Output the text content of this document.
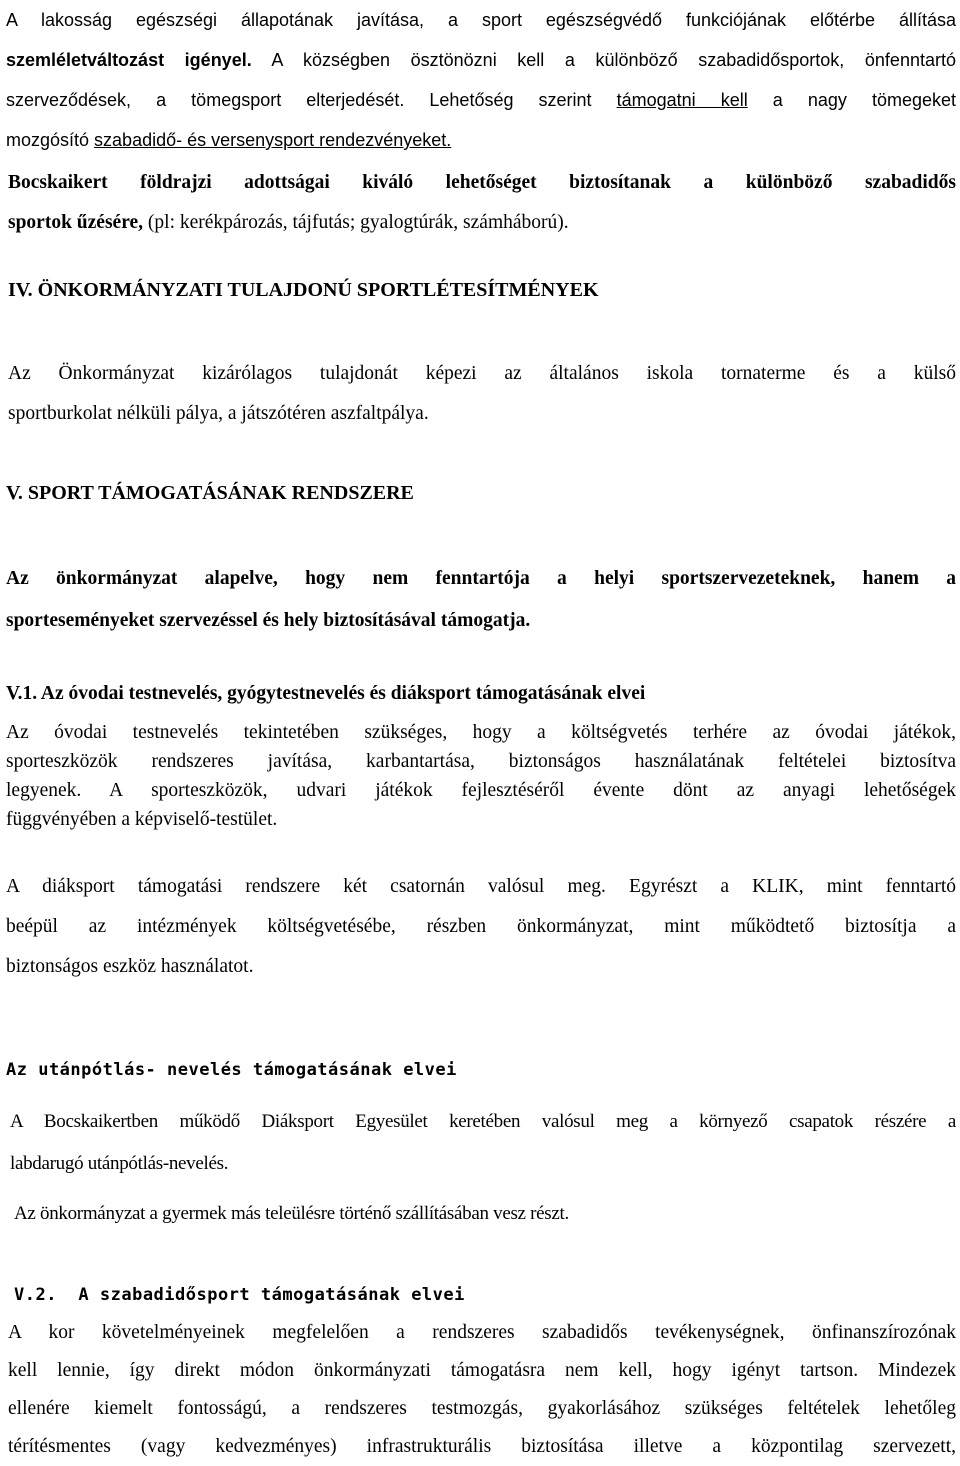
A lakosság egészségi állapotának javítása, a sport egészségvédő funkciójának előtérbe állítása
szemléletváltozást igényel. A községben ösztönözni kell a különböző szabadidősportok, önfenntartó
szerveződések, a tömegsport elterjedését. Lehetőség szerint támogatni kell a nagy tömegeket
mozgósító szabadidő- és versenysport rendezvényeket.
Bocskaikert földrajzi adottságai kiváló lehetőséget biztosítanak a különböző szabadidős
sportok űzésére, (pl: kerékpározás, tájfutás; gyalogtúrák, számháború).
IV. ÖNKORMÁNYZATI TULAJDONÚ SPORTLÉTESÍTMÉNYEK
Az Önkormányzat kizárólagos tulajdonát képezi az általános iskola tornaterme és a külső
sportburkolat nélküli pálya, a játszótéren aszfaltpálya.
V. SPORT TÁMOGATÁSÁNAK RENDSZERE
Az önkormányzat alapelve, hogy nem fenntartója a helyi sportszervezeteknek, hanem a
sporteseményeket szervezéssel és hely biztosításával támogatja.
V.1. Az óvodai testnevelés, gyógytestnevelés és diáksport támogatásának elvei
Az óvodai testnevelés tekintetében szükséges, hogy a költségvetés terhére az óvodai játékok,
sporteszközök rendszeres javítása, karbantartása, biztonságos használatának feltételei biztosítva
legyenek. A sporteszközök, udvari játékok fejlesztéséről évente dönt az anyagi lehetőségek
függvényében a képviselő-testület.
A diáksport támogatási rendszere két csatornán valósul meg. Egyrészt a KLIK, mint fenntartó
beépül az intézmények költségvetésébe, részben önkormányzat, mint működtető biztosítja a
biztonságos eszköz használatot.
Az utánpótlás- nevelés támogatásának elvei
A Bocskaikertben működő Diáksport Egyesület keretében valósul meg a környező csapatok részére a
labdarugó utánpótlás-nevelés.
Az önkormányzat a gyermek más teleülésre történő szállításában vesz részt.
V.2.  A szabadidősport támogatásának elvei
A kor követelményeinek megfelelően a rendszeres szabadidős tevékenységnek, önfinanszírozónak
kell lennie, így direkt módon önkormányzati támogatásra nem kell, hogy igényt tartson. Mindezek
ellenére kiemelt fontosságú, a rendszeres testmozgás, gyakorlásához szükséges feltételek lehetőleg
térítésmentes (vagy kedvezményes) infrastrukturális biztosítása illetve a központilag szervezett,
